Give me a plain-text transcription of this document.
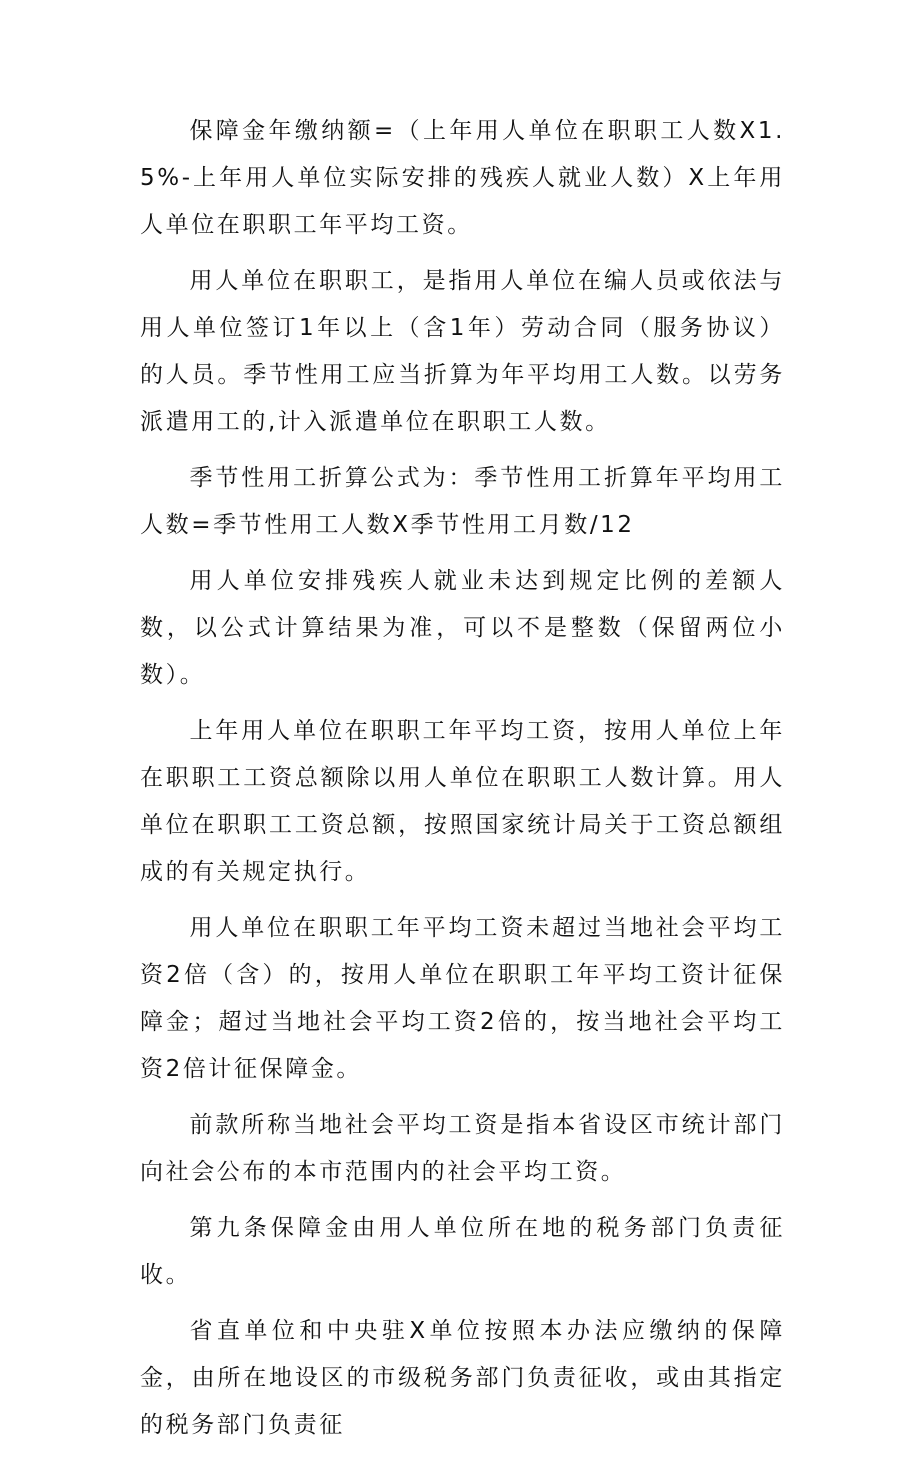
保障金年缴纳额=（上年用人单位在职职工人数X1.5%-上年用人单位实际安排的残疾人就业人数）X上年用人单位在职职工年平均工资。

用人单位在职职工，是指用人单位在编人员或依法与用人单位签订1年以上（含1年）劳动合同（服务协议）的人员。季节性用工应当折算为年平均用工人数。以劳务派遣用工的,计入派遣单位在职职工人数。

季节性用工折算公式为：季节性用工折算年平均用工人数=季节性用工人数X季节性用工月数/12

用人单位安排残疾人就业未达到规定比例的差额人数，以公式计算结果为准，可以不是整数（保留两位小数）。

上年用人单位在职职工年平均工资，按用人单位上年在职职工工资总额除以用人单位在职职工人数计算。用人单位在职职工工资总额，按照国家统计局关于工资总额组成的有关规定执行。

用人单位在职职工年平均工资未超过当地社会平均工资2倍（含）的，按用人单位在职职工年平均工资计征保障金；超过当地社会平均工资2倍的，按当地社会平均工资2倍计征保障金。

前款所称当地社会平均工资是指本省设区市统计部门向社会公布的本市范围内的社会平均工资。

第九条保障金由用人单位所在地的税务部门负责征收。

省直单位和中央驻X单位按照本办法应缴纳的保障金，由所在地设区的市级税务部门负责征收，或由其指定的税务部门负责征
